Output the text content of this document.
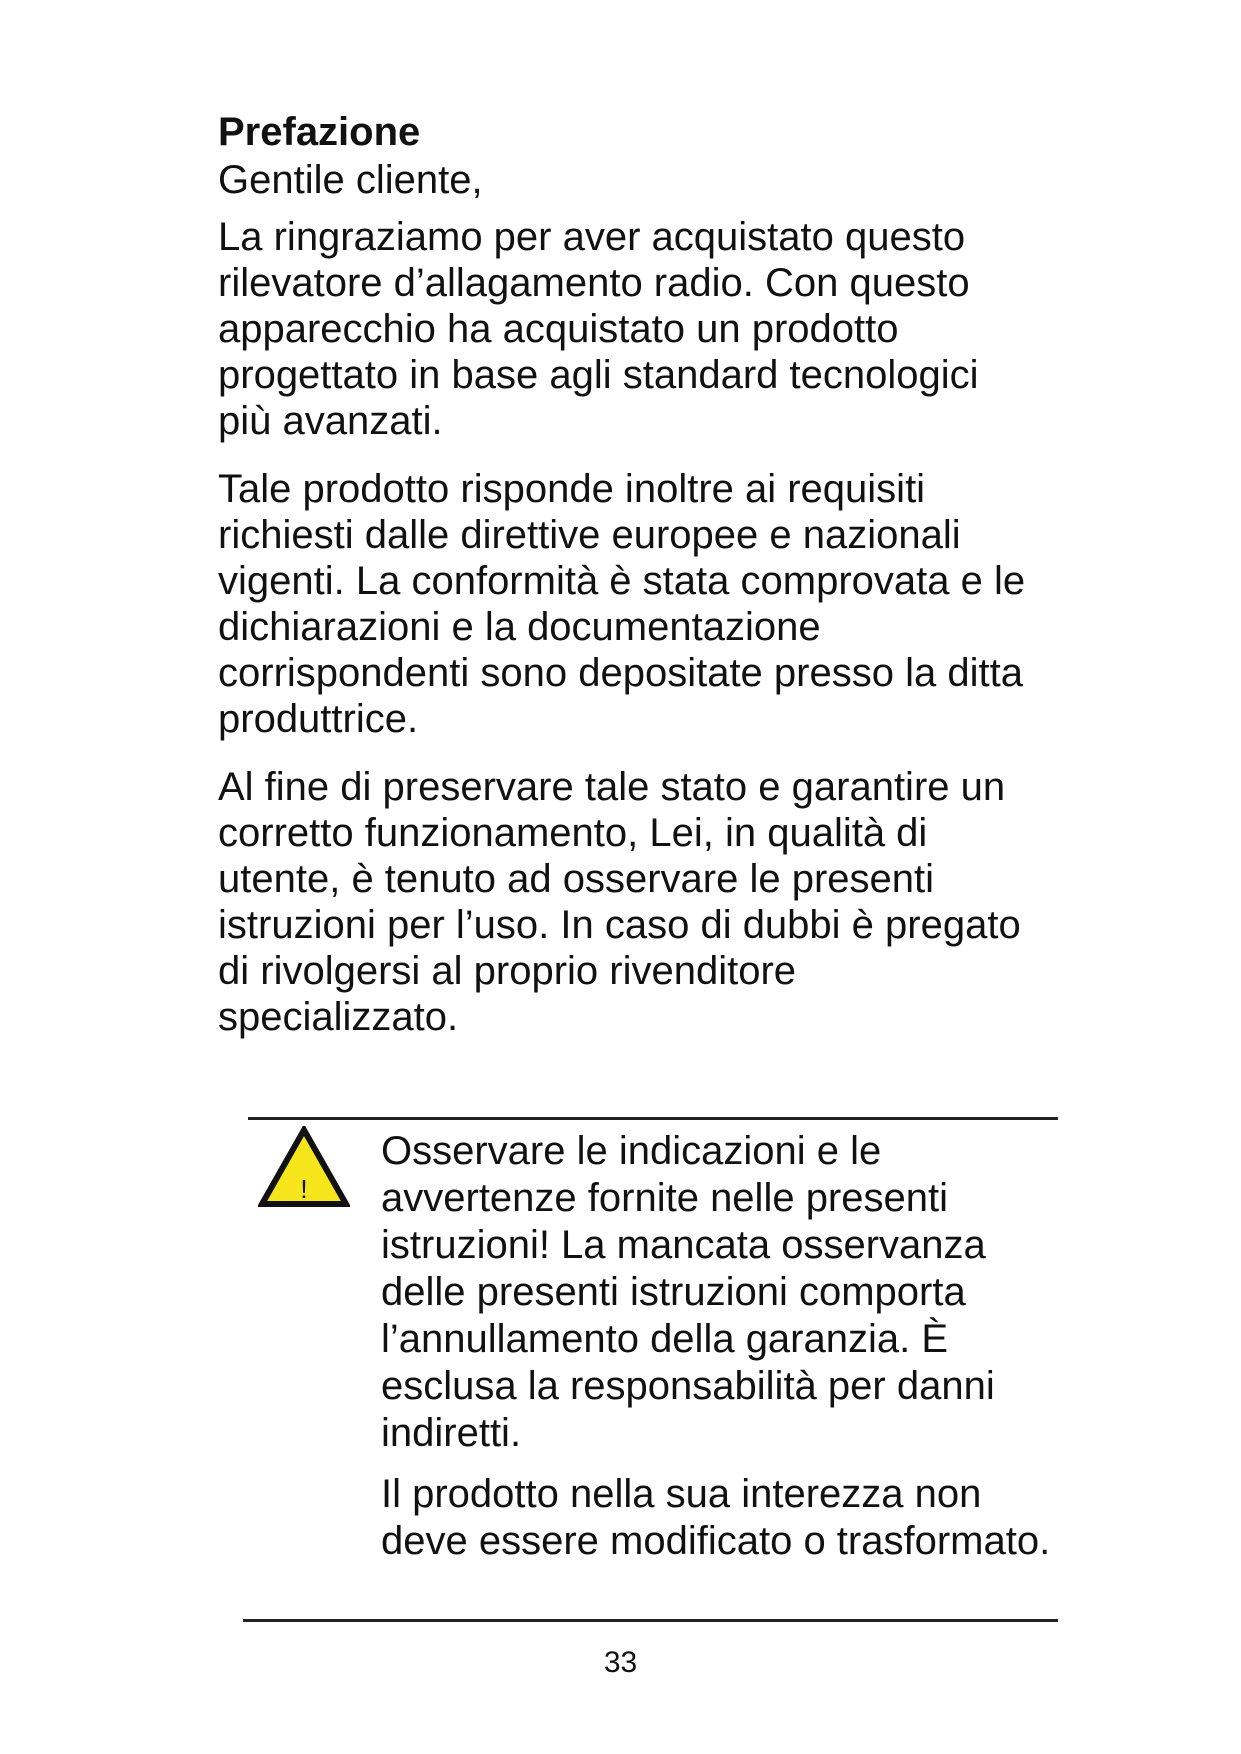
Prefazione

Gentile cliente,

La ringraziamo per aver acquistato questo rilevatore d’allagamento radio. Con questo apparecchio ha acquistato un prodotto progettato in base agli standard tecnologici più avanzati.

Tale prodotto risponde inoltre ai requisiti richiesti dalle direttive europee e nazionali vigenti. La conformità è stata comprovata e le dichiarazioni e la documentazione corrispondenti sono depositate presso la ditta produttrice.

Al fine di preservare tale stato e garantire un corretto funzionamento, Lei, in qualità di utente, è tenuto ad osservare le presenti istruzioni per l’uso. In caso di dubbi è pregato di rivolgersi al proprio rivenditore specializzato.

!

Osservare le indicazioni e le avvertenze fornite nelle presenti istruzioni! La mancata osservanza delle presenti istruzioni comporta l’annullamento della garanzia. È esclusa la responsabilità per danni indiretti.

Il prodotto nella sua interezza non deve essere modificato o trasformato.

33
